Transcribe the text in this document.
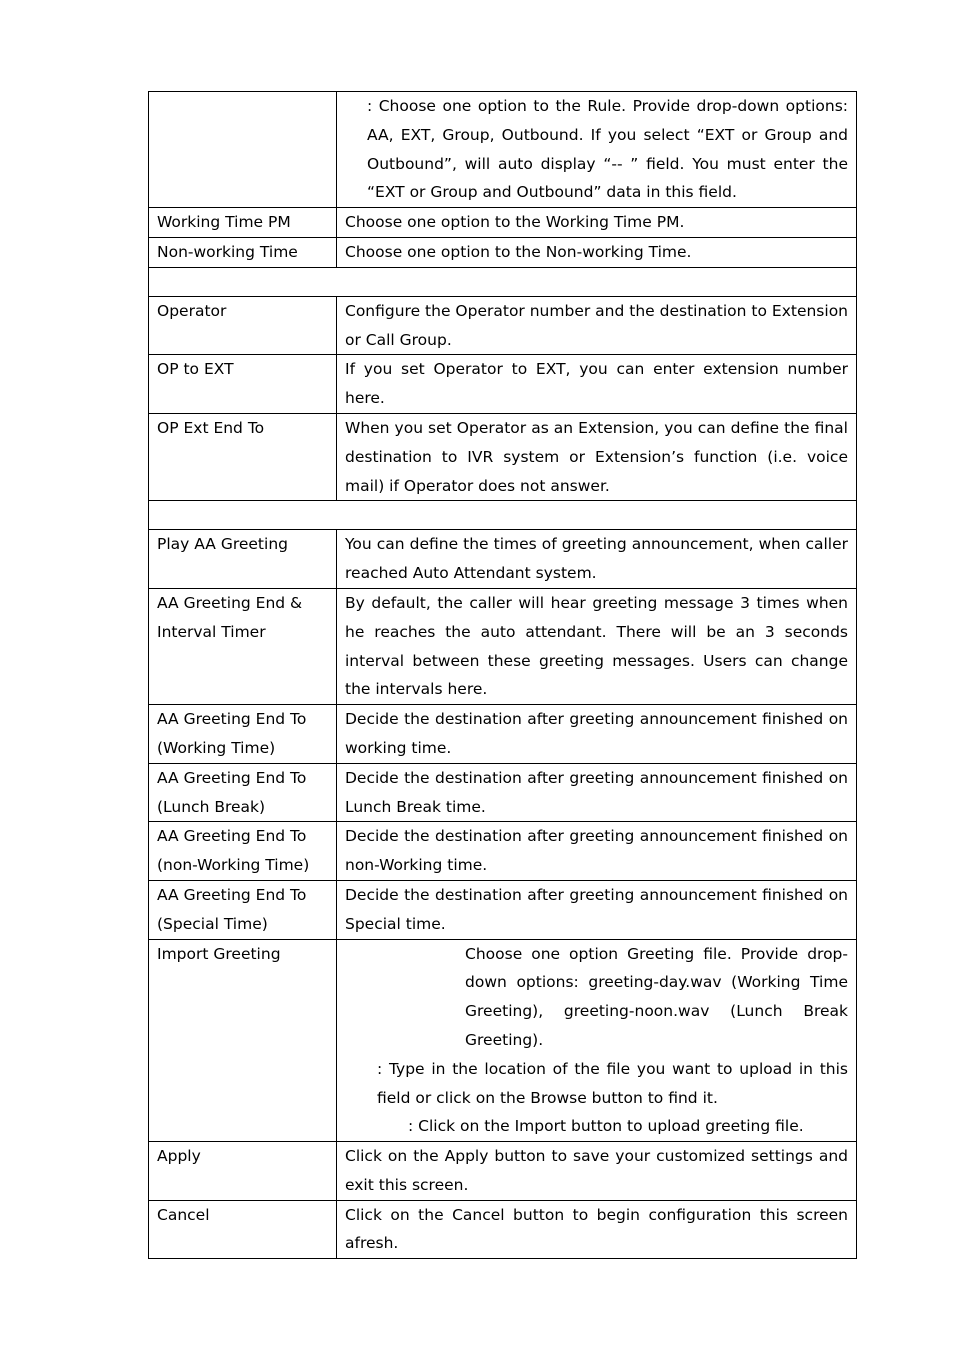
	: Choose one option to the Rule. Provide drop-down options: AA, EXT, Group, Outbound. If you select “EXT or Group and Outbound”, will auto display “-- ” field. You must enter the “EXT or Group and Outbound” data in this field.

Working Time PM	Choose one option to the Working Time PM.
Non-working Time	Choose one option to the Non-working Time.

Operator	Configure the Operator number and the destination to Extension or Call Group.
OP to EXT	If you set Operator to EXT, you can enter extension number here.
OP Ext End To	When you set Operator as an Extension, you can define the final destination to IVR system or Extension’s function (i.e. voice mail) if Operator does not answer.

Play AA Greeting	You can define the times of greeting announcement, when caller reached Auto Attendant system.
AA Greeting End & Interval Timer	By default, the caller will hear greeting message 3 times when he reaches the auto attendant. There will be an 3 seconds interval between these greeting messages. Users can change the intervals here.
AA Greeting End To (Working Time)	Decide the destination after greeting announcement finished on working time.
AA Greeting End To (Lunch Break)	Decide the destination after greeting announcement finished on Lunch Break time.
AA Greeting End To (non-Working Time)	Decide the destination after greeting announcement finished on non-Working time.
AA Greeting End To (Special Time)	Decide the destination after greeting announcement finished on Special time.
Import Greeting	Choose one option Greeting file. Provide drop-down options: greeting-day.wav (Working Time Greeting), greeting-noon.wav (Lunch Break Greeting).
: Type in the location of the file you want to upload in this field or click on the Browse button to find it.
: Click on the Import button to upload greeting file.

Apply	Click on the Apply button to save your customized settings and exit this screen.
Cancel	Click on the Cancel button to begin configuration this screen afresh.
